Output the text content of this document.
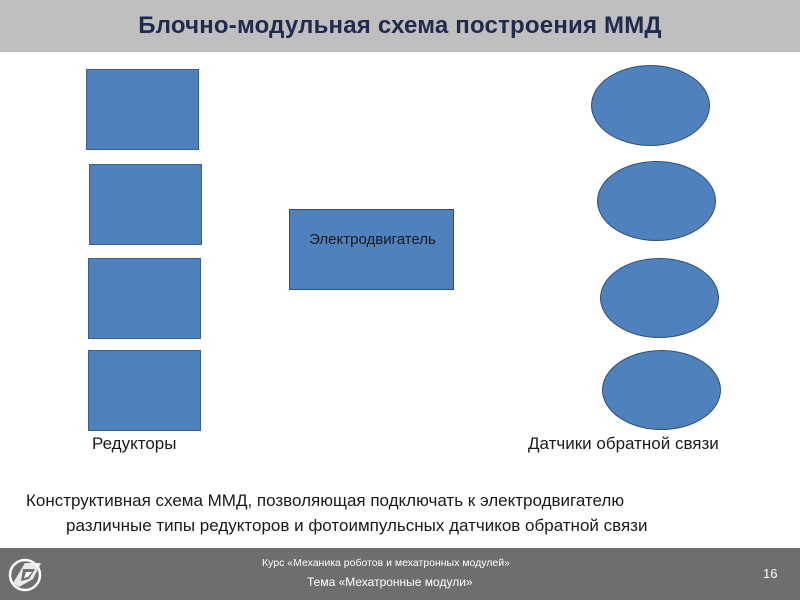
Блочно-модульная схема построения ММД
Электродвигатель
Редукторы	Датчики обратной связи
Конструктивная схема ММД, позволяющая подключать к электродвигателю
различные типы редукторов и фотоимпульсных датчиков обратной связи
Курс «Механика роботов и мехатронных модулей»
Тема «Мехатронные модули»
16
